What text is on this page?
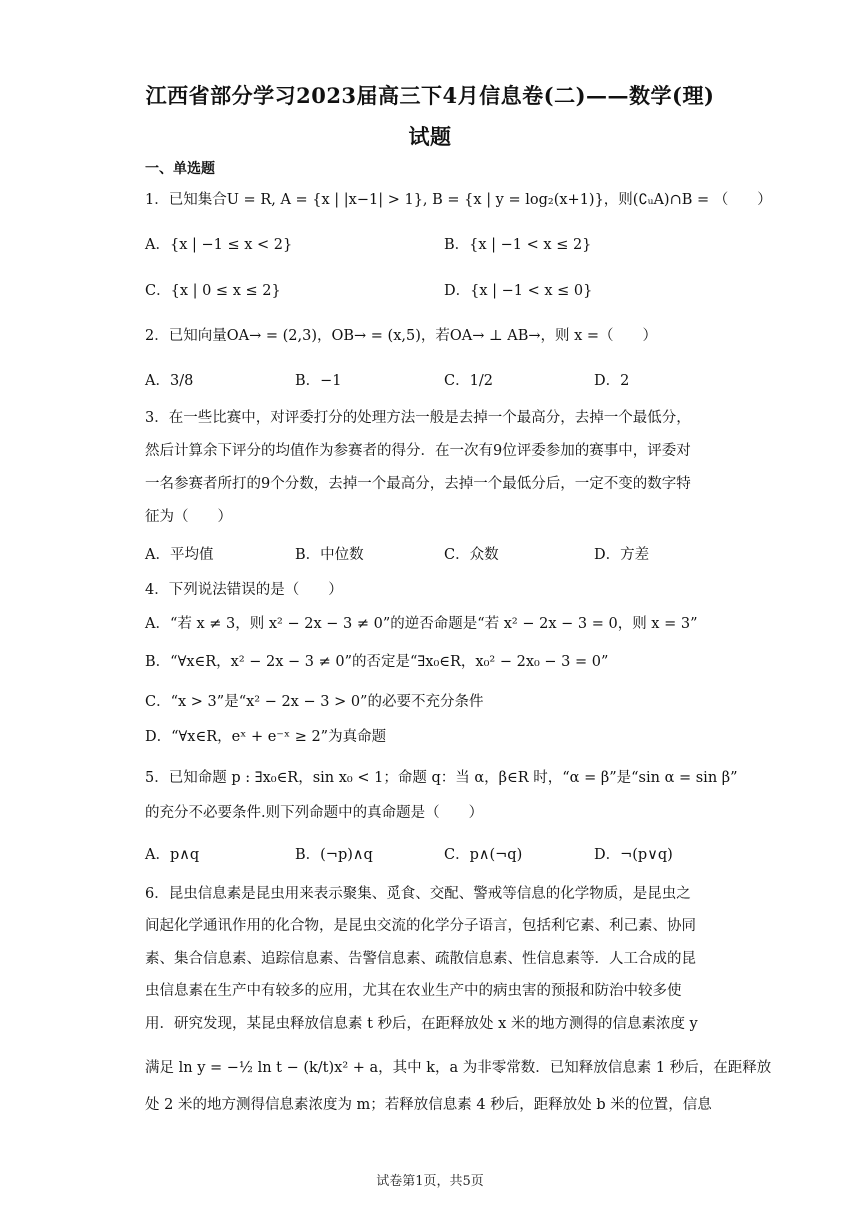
江西省部分学习2023届高三下4月信息卷(二)——数学(理)
试题
一、单选题
1．已知集合U = R, A = {x | |x−1| > 1}, B = {x | y = log₂(x+1)}，则(∁ᵤA)∩B = （　　）
A．{x | −1 ≤ x < 2}	B．{x | −1 < x ≤ 2}
C．{x | 0 ≤ x ≤ 2}	D．{x | −1 < x ≤ 0}
2．已知向量OA→ = (2,3)，OB→ = (x,5)，若OA→ ⊥ AB→，则 x =（　　）
A．3/8	B．−1	C．1/2	D．2
3．在一些比赛中，对评委打分的处理方法一般是去掉一个最高分，去掉一个最低分，
然后计算余下评分的均值作为参赛者的得分．在一次有9位评委参加的赛事中，评委对
一名参赛者所打的9个分数，去掉一个最高分，去掉一个最低分后，一定不变的数字特
征为（　　）
A．平均值	B．中位数	C．众数	D．方差
4．下列说法错误的是（　　）
A．“若 x ≠ 3，则 x² − 2x − 3 ≠ 0”的逆否命题是“若 x² − 2x − 3 = 0，则 x = 3”
B．“∀x∈R，x² − 2x − 3 ≠ 0”的否定是“∃x₀∈R，x₀² − 2x₀ − 3 = 0”
C．“x > 3”是“x² − 2x − 3 > 0”的必要不充分条件
D．“∀x∈R，eˣ + e⁻ˣ ≥ 2”为真命题
5．已知命题 p : ∃x₀∈R，sin x₀ < 1；命题 q：当 α，β∈R 时，“α = β”是“sin α = sin β”
的充分不必要条件.则下列命题中的真命题是（　　）
A．p∧q	B．(¬p)∧q	C．p∧(¬q)	D．¬(p∨q)
6．昆虫信息素是昆虫用来表示聚集、觅食、交配、警戒等信息的化学物质，是昆虫之
间起化学通讯作用的化合物，是昆虫交流的化学分子语言，包括利它素、利己素、协同
素、集合信息素、追踪信息素、告警信息素、疏散信息素、性信息素等．人工合成的昆
虫信息素在生产中有较多的应用，尤其在农业生产中的病虫害的预报和防治中较多使
用．研究发现，某昆虫释放信息素 t 秒后，在距释放处 x 米的地方测得的信息素浓度 y
满足 ln y = −½ ln t − (k/t)x² + a，其中 k，a 为非零常数．已知释放信息素 1 秒后，在距释放
处 2 米的地方测得信息素浓度为 m；若释放信息素 4 秒后，距释放处 b 米的位置，信息
试卷第1页，共5页
